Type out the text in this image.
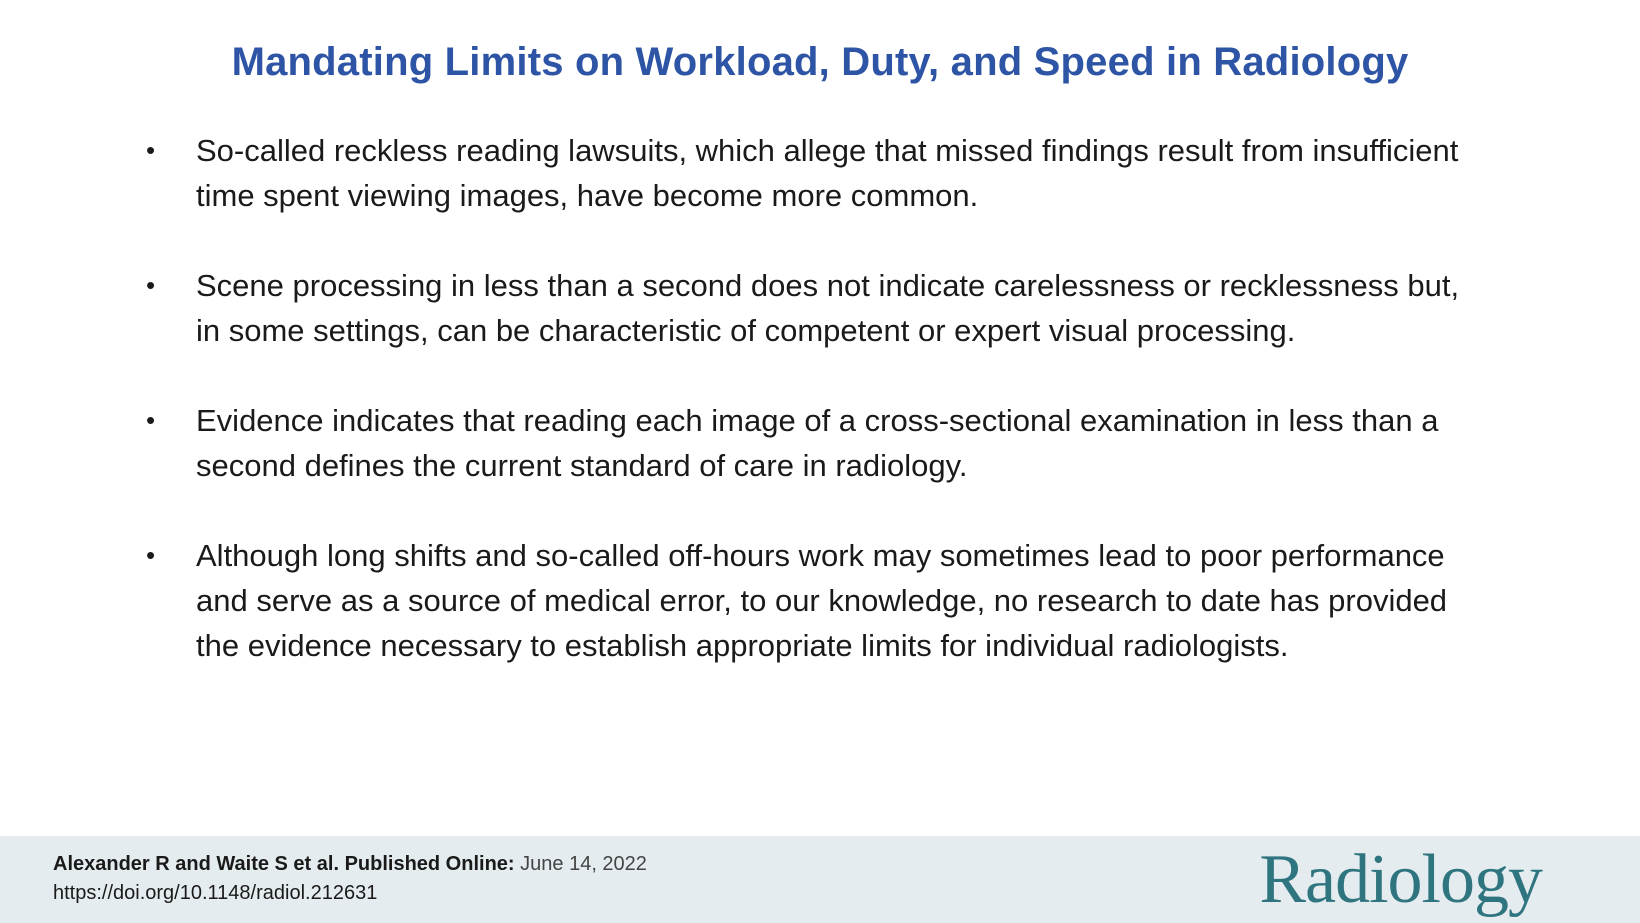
Mandating Limits on Workload, Duty, and Speed in Radiology
• So-called reckless reading lawsuits, which allege that missed findings result from insufficient time spent viewing images, have become more common.
• Scene processing in less than a second does not indicate carelessness or recklessness but, in some settings, can be characteristic of competent or expert visual processing.
• Evidence indicates that reading each image of a cross-sectional examination in less than a second defines the current standard of care in radiology.
• Although long shifts and so-called off-hours work may sometimes lead to poor performance and serve as a source of medical error, to our knowledge, no research to date has provided the evidence necessary to establish appropriate limits for individual radiologists.
Alexander R and Waite S et al. Published Online: June 14, 2022
https://doi.org/10.1148/radiol.212631	Radiology
